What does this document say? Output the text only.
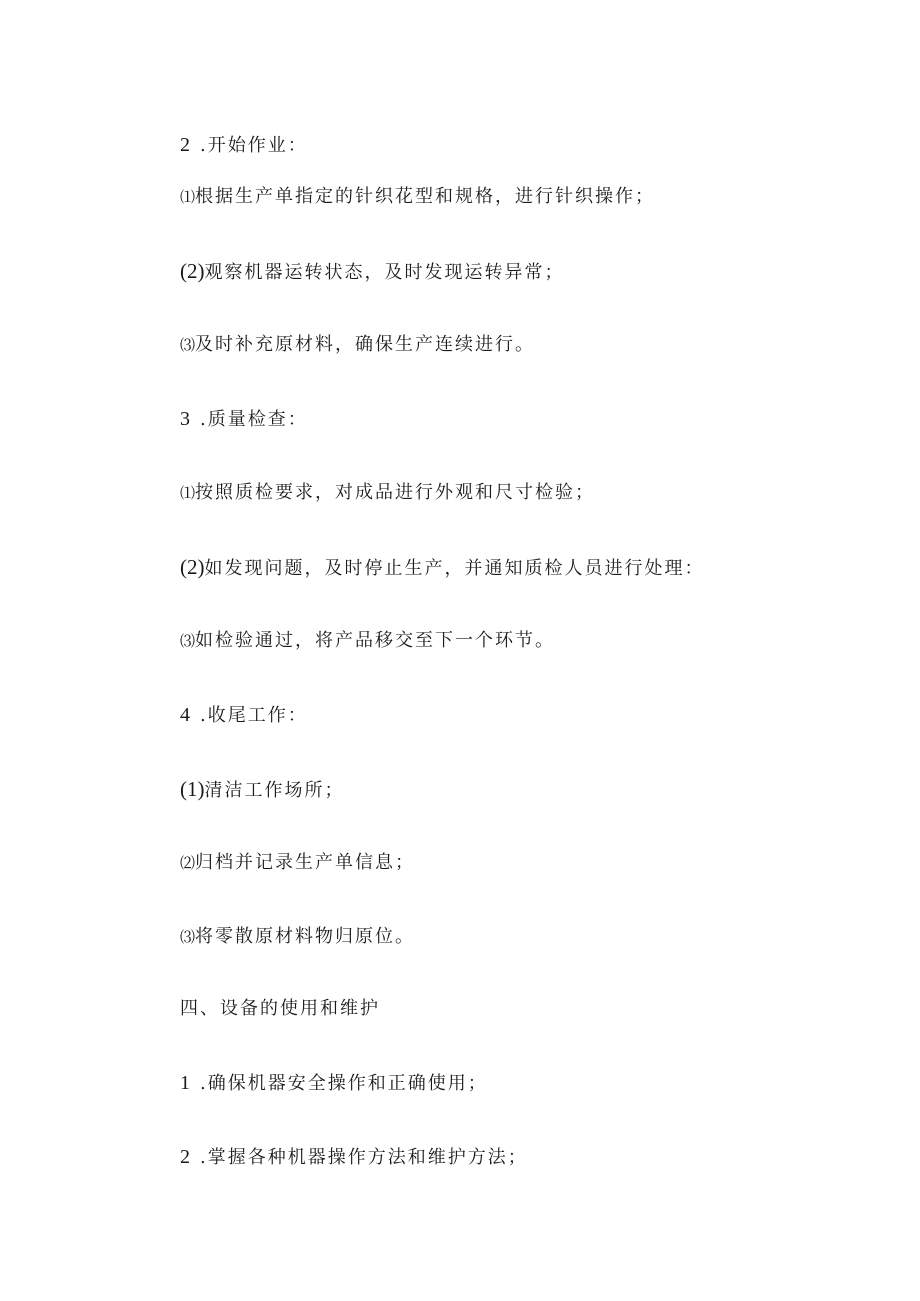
2 .开始作业：
⑴根据生产单指定的针织花型和规格，进行针织操作；
(2)观察机器运转状态，及时发现运转异常；
⑶及时补充原材料，确保生产连续进行。
3 .质量检查：
⑴按照质检要求，对成品进行外观和尺寸检验；
(2)如发现问题，及时停止生产，并通知质检人员进行处理：
⑶如检验通过，将产品移交至下一个环节。
4 .收尾工作：
(1)清洁工作场所；
⑵归档并记录生产单信息；
⑶将零散原材料物归原位。
四、设备的使用和维护
1 .确保机器安全操作和正确使用；
2 .掌握各种机器操作方法和维护方法；
